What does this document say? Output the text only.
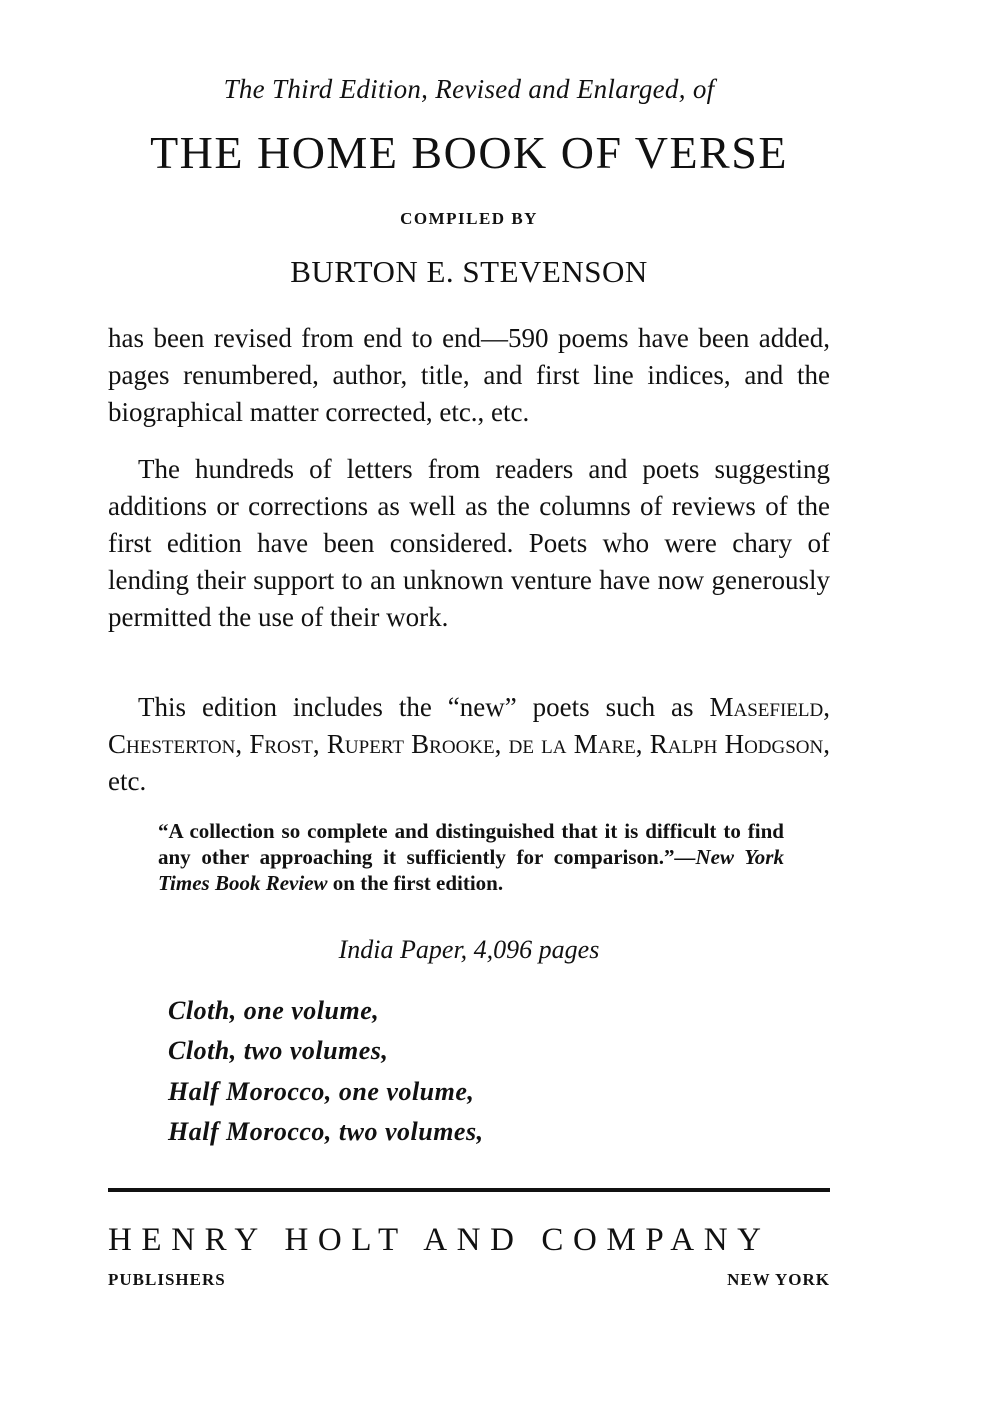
The Third Edition, Revised and Enlarged, of
THE HOME BOOK OF VERSE
COMPILED BY
BURTON E. STEVENSON
has been revised from end to end—590 poems have been added, pages renumbered, author, title, and first line indices, and the biographical matter corrected, etc., etc.
The hundreds of letters from readers and poets suggesting additions or corrections as well as the columns of reviews of the first edition have been considered. Poets who were chary of lending their support to an unknown venture have now generously permitted the use of their work.
This edition includes the “new” poets such as Masefield, Chesterton, Frost, Rupert Brooke, de la Mare, Ralph Hodgson, etc.
“A collection so complete and distinguished that it is difficult to find any other approaching it sufficiently for comparison.”—New York Times Book Review on the first edition.
India Paper, 4,096 pages
Cloth, one volume,
Cloth, two volumes,
Half Morocco, one volume,
Half Morocco, two volumes,
HENRY HOLT AND COMPANY
PUBLISHERS	NEW YORK
